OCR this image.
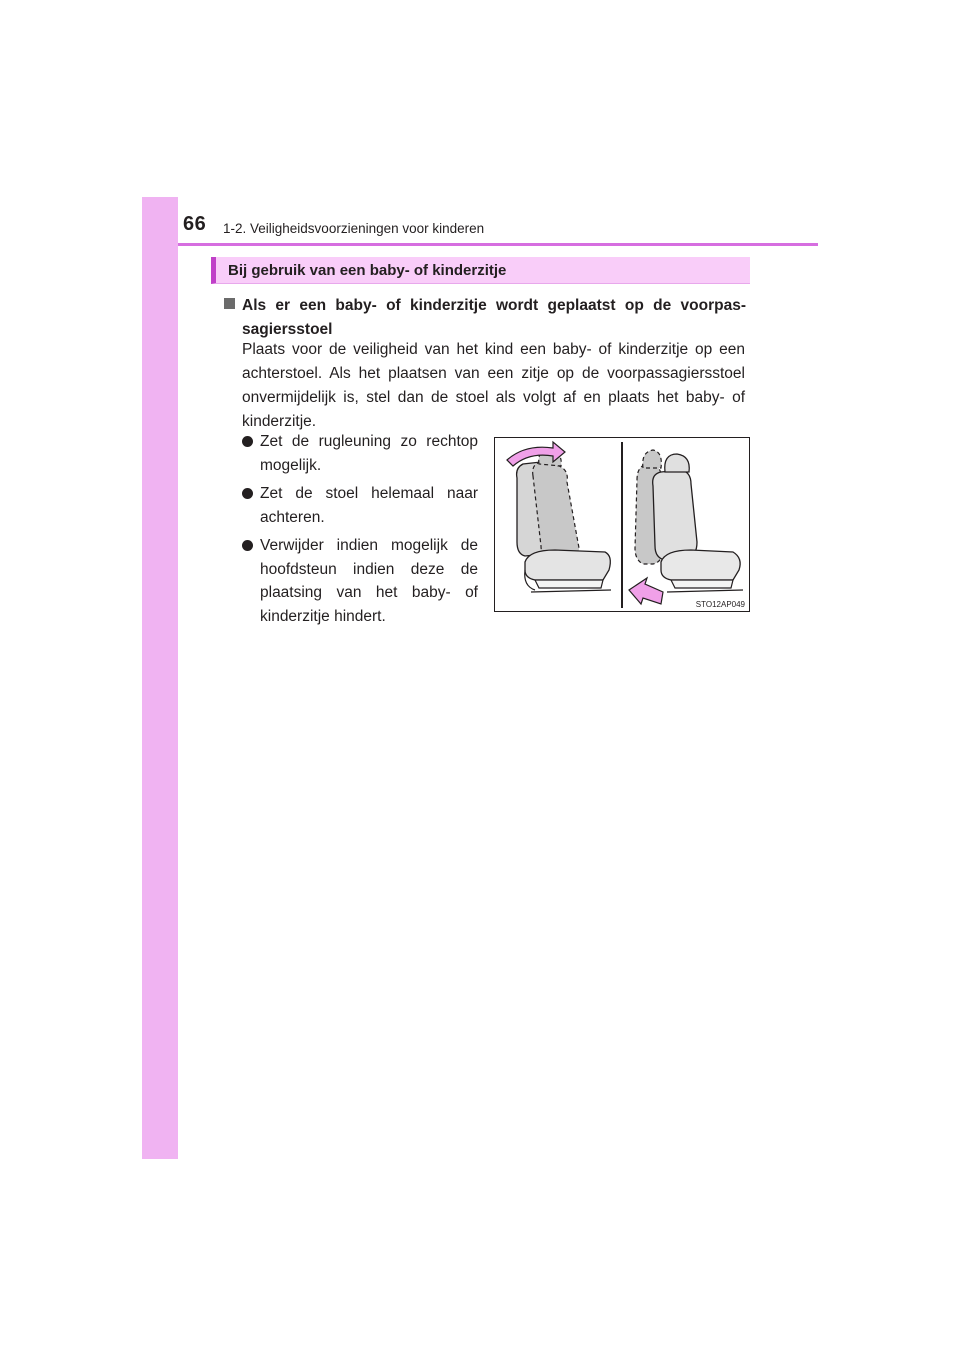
66 1-2. Veiligheidsvoorzieningen voor kinderen
Bij gebruik van een baby- of kinderzitje
Als er een baby- of kinderzitje wordt geplaatst op de voorpassagiersstoel

Plaats voor de veiligheid van het kind een baby- of kinderzitje op een achterstoel. Als het plaatsen van een zitje op de voorpassagiersstoel onvermijdelijk is, stel dan de stoel als volgt af en plaats het baby- of kinderzitje.

Zet de rugleuning zo rechtop mogelijk.
Zet de stoel helemaal naar achteren.
Verwijder indien mogelijk de hoofdsteun indien deze de plaatsing van het baby- of kinderzitje hindert.
STO12AP049
